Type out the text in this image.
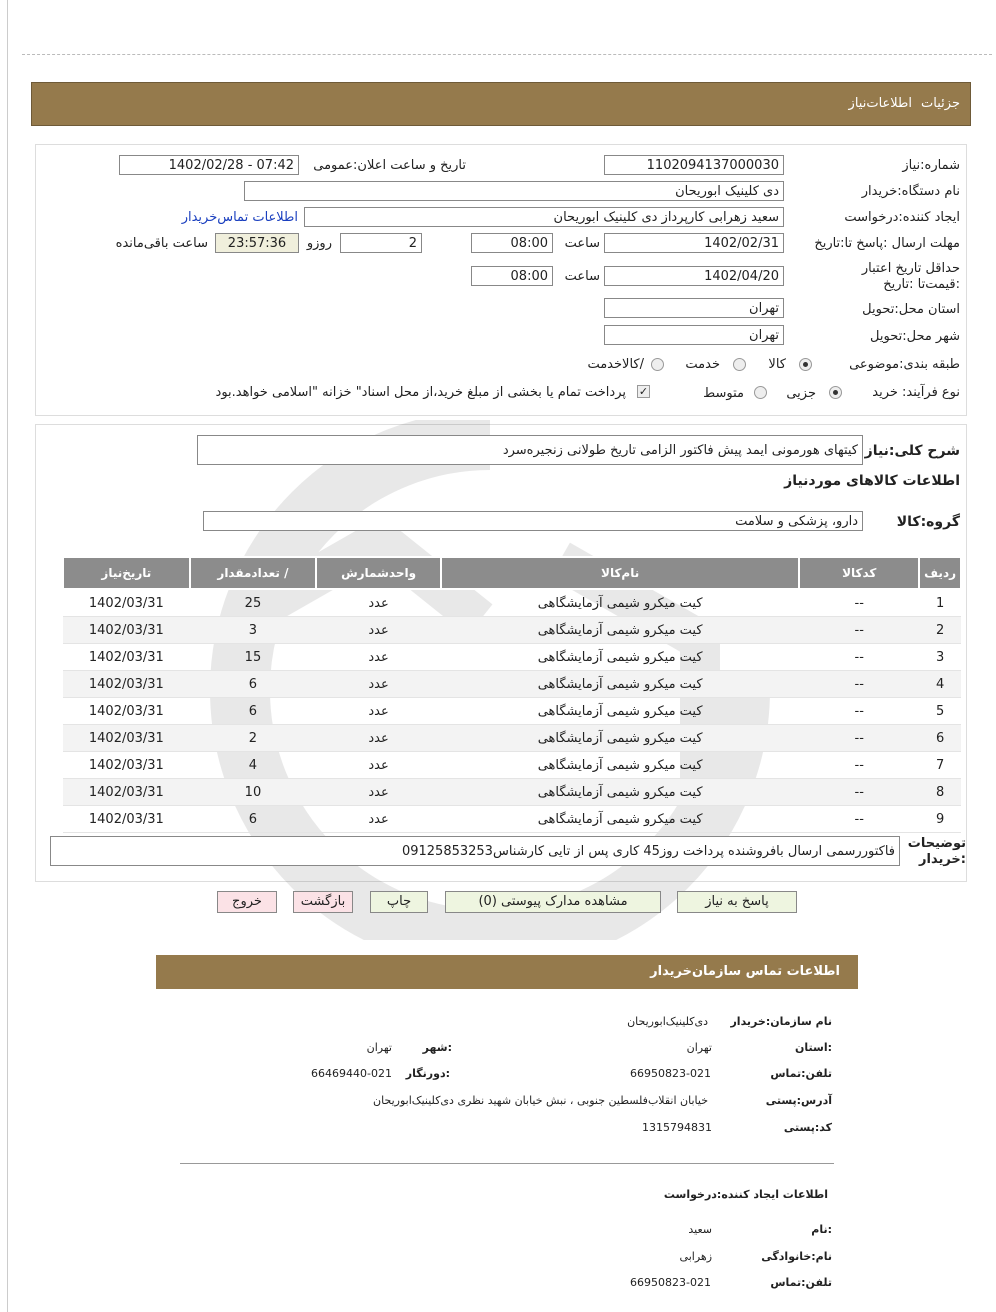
جزئیات
اطلاعات‌نیاز
شماره:نیاز
1102094137000030
تاریخ و ساعت اعلان:عمومی
1402/02/28 - 07:42
نام دستگاه:خریدار
دی کلینیک ابوریحان
ایجاد کننده:درخواست
سعید زهرابی کارپرداز دی کلینیک ابوریحان
اطلاعات تماس‌خریدار
مهلت ارسال :پاسخ تا:تاریخ
1402/02/31
ساعت
08:00
2
روزو
23:57:36
ساعت باقی‌مانده
حداقل تاریخ اعتبار :قیمت‌تا :تاریخ
1402/04/20
ساعت
08:00
استان محل:تحویل
تهران
شهر محل:تحویل
تهران
طبقه بندی:موضوعی
کالا
خدمت
/کالاخدمت
نوع فرآیند: خرید
جزیی
متوسط
✓
پرداخت تمام یا بخشی از مبلغ خرید،از محل اسناد" خزانه "اسلامی خواهد.بود
شرح کلی:نیاز
کیتهای هورمونی ایمد پیش فاکتور الزامی تاریخ طولانی زنجیره‌سرد
اطلاعات کالاهای موردنیاز
گروه:کالا
دارو، پزشکی و سلامت
ردیف	کدکالا	نام‌کالا	واحدشمارش	/ تعدادمقدار	تاریخ‌نیاز
1	--	کیت میکرو شیمی آزمایشگاهی	عدد	25	1402/03/31
2	--	کیت میکرو شیمی آزمایشگاهی	عدد	3	1402/03/31
3	--	کیت میکرو شیمی آزمایشگاهی	عدد	15	1402/03/31
4	--	کیت میکرو شیمی آزمایشگاهی	عدد	6	1402/03/31
5	--	کیت میکرو شیمی آزمایشگاهی	عدد	6	1402/03/31
6	--	کیت میکرو شیمی آزمایشگاهی	عدد	2	1402/03/31
7	--	کیت میکرو شیمی آزمایشگاهی	عدد	4	1402/03/31
8	--	کیت میکرو شیمی آزمایشگاهی	عدد	10	1402/03/31
9	--	کیت میکرو شیمی آزمایشگاهی	عدد	6	1402/03/31
توضیحات :خریدار
فاکتوررسمی ارسال بافروشنده پرداخت روز45 کاری پس از تایی کارشناس09125853253
پاسخ به نیاز
مشاهده مدارک پیوستی (0)
چاپ
بازگشت
خروج
اطلاعات تماس سازمان‌خریدار
نام سازمان:خریدار
دی‌کلینیک‌ابوریحان
:استان
تهران
:شهر
تهران
تلفن:تماس
66950823-021
:دورنگار
66469440-021
آدرس:پستی
خیابان انقلاب‌فلسطین جنوبی ، نبش خیابان شهید نظری دی‌کلینیک‌ابوریحان
کد:پستی
1315794831
اطلاعات ایجاد کننده:درخواست
:نام
سعید
نام:خانوادگی
زهرابی
تلفن:تماس
66950823-021
